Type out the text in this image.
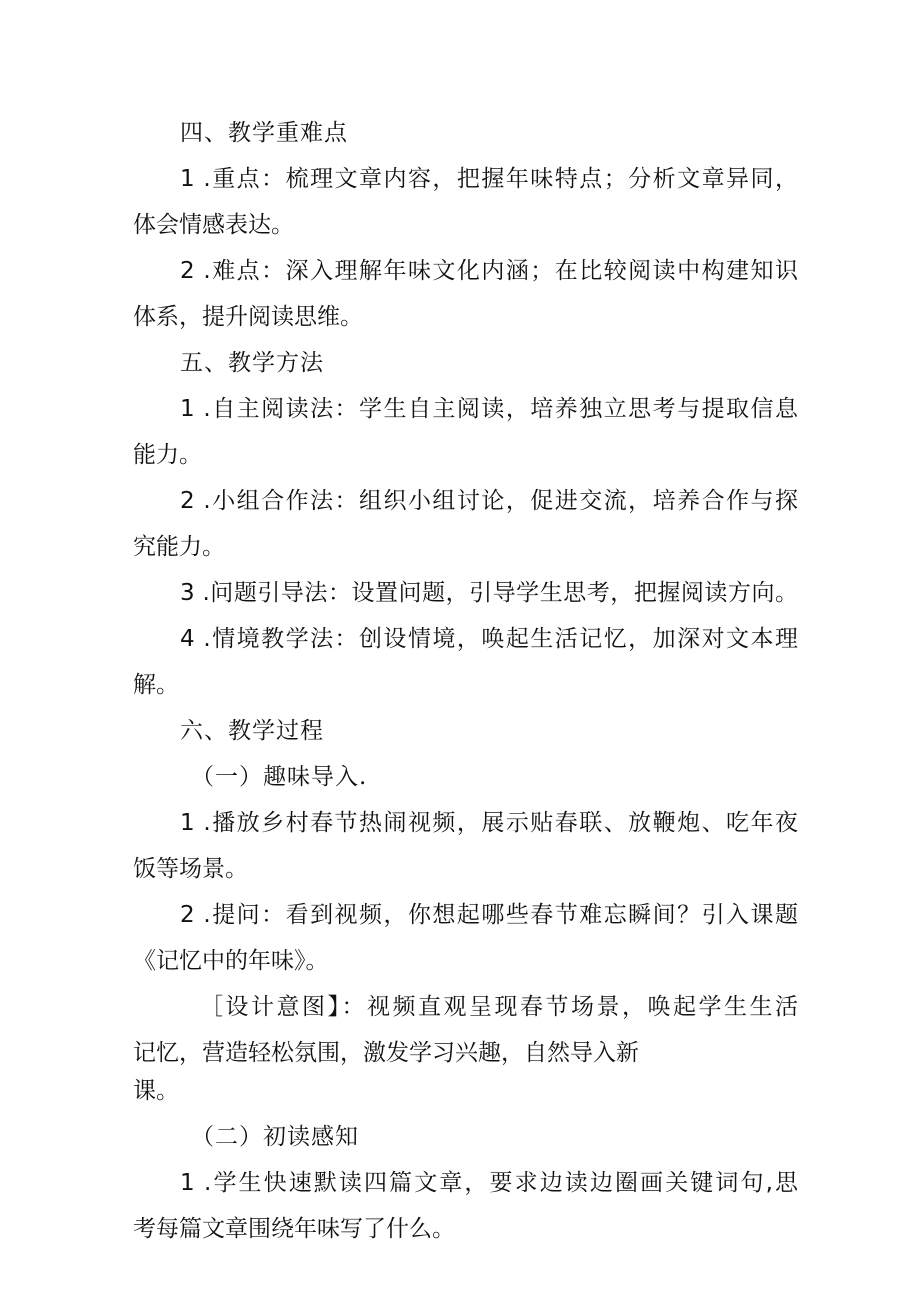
四、教学重难点
1 .重点：梳理文章内容，把握年味特点；分析文章异同，
体会情感表达。
2 .难点：深入理解年味文化内涵；在比较阅读中构建知识
体系，提升阅读思维。
五、教学方法
1 .自主阅读法：学生自主阅读，培养独立思考与提取信息
能力。
2 .小组合作法：组织小组讨论，促进交流，培养合作与探
究能力。
3 .问题引导法：设置问题，引导学生思考，把握阅读方向。
4 .情境教学法：创设情境，唤起生活记忆，加深对文本理
解。
六、教学过程
（一）趣味导入.
1 .播放乡村春节热闹视频，展示贴春联、放鞭炮、吃年夜
饭等场景。
2 .提问：看到视频，你想起哪些春节难忘瞬间？引入课题
《记忆中的年味》。
［设计意图】：视频直观呈现春节场景，唤起学生生活
记忆，营造轻松氛围，激发学习兴趣，自然导入新
课。
（二）初读感知
1 .学生快速默读四篇文章，要求边读边圈画关键词句,思
考每篇文章围绕年味写了什么。
